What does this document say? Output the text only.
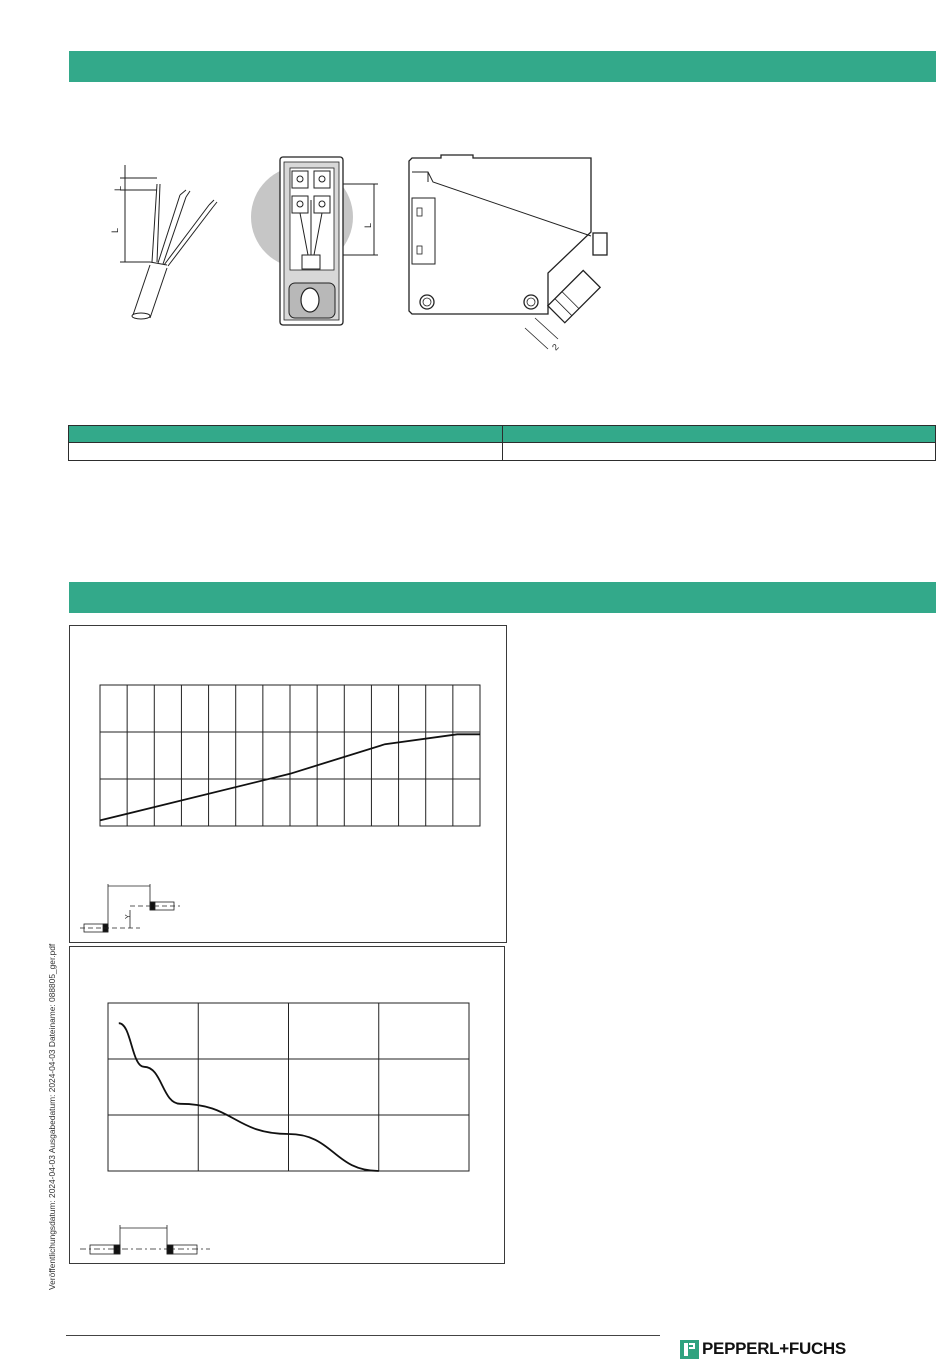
L
L
L
2

Y
Veröffentlichungsdatum: 2024-04-03 Ausgabedatum: 2024-04-03 Dateiname: 088805_ger.pdf
PEPPERL+FUCHS
